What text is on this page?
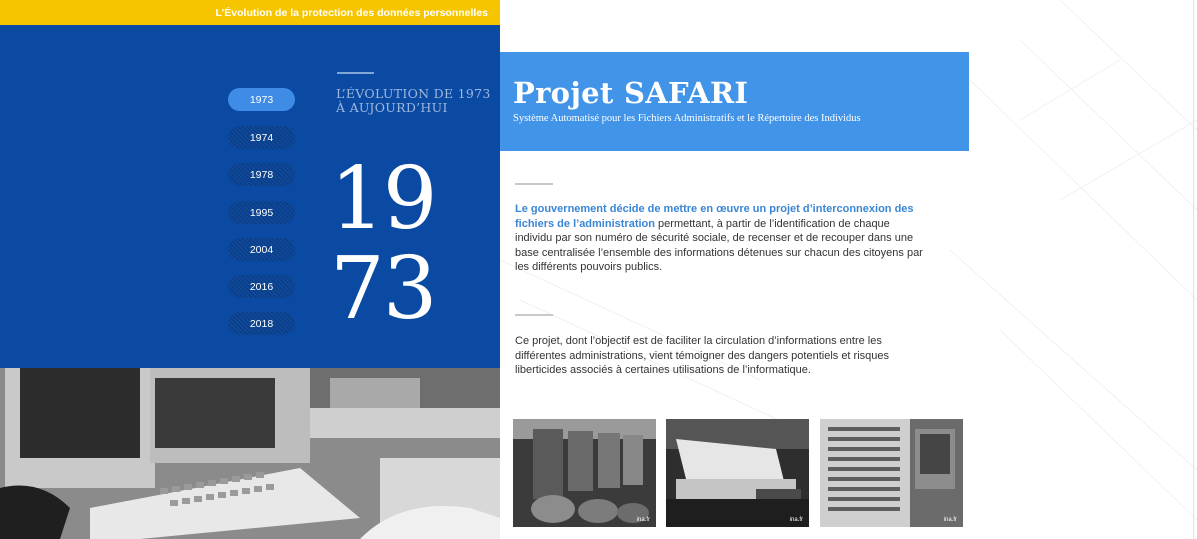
L’Évolution de la protection des données personnelles
1973
1974
1978
1995
2004
2016
2018
L’ÉVOLUTION DE 1973
À AUJOURD’HUI
19
73
Projet SAFARI
Système Automatisé pour les Fichiers Administratifs et le Répertoire des Individus
Le gouvernement décide de mettre en œuvre un projet d’interconnexion des fichiers de l’administration permettant, à partir de l’identification de chaque individu par son numéro de sécurité sociale, de recenser et de recouper dans une base centralisée l’ensemble des informations détenues sur chacun des citoyens par les différents pouvoirs publics.
Ce projet, dont l’objectif est de faciliter la circulation d’informations entre les différentes administrations, vient témoigner des dangers potentiels et risques liberticides associés à certaines utilisations de l’informatique.
ina.fr	ina.fr	ina.fr
